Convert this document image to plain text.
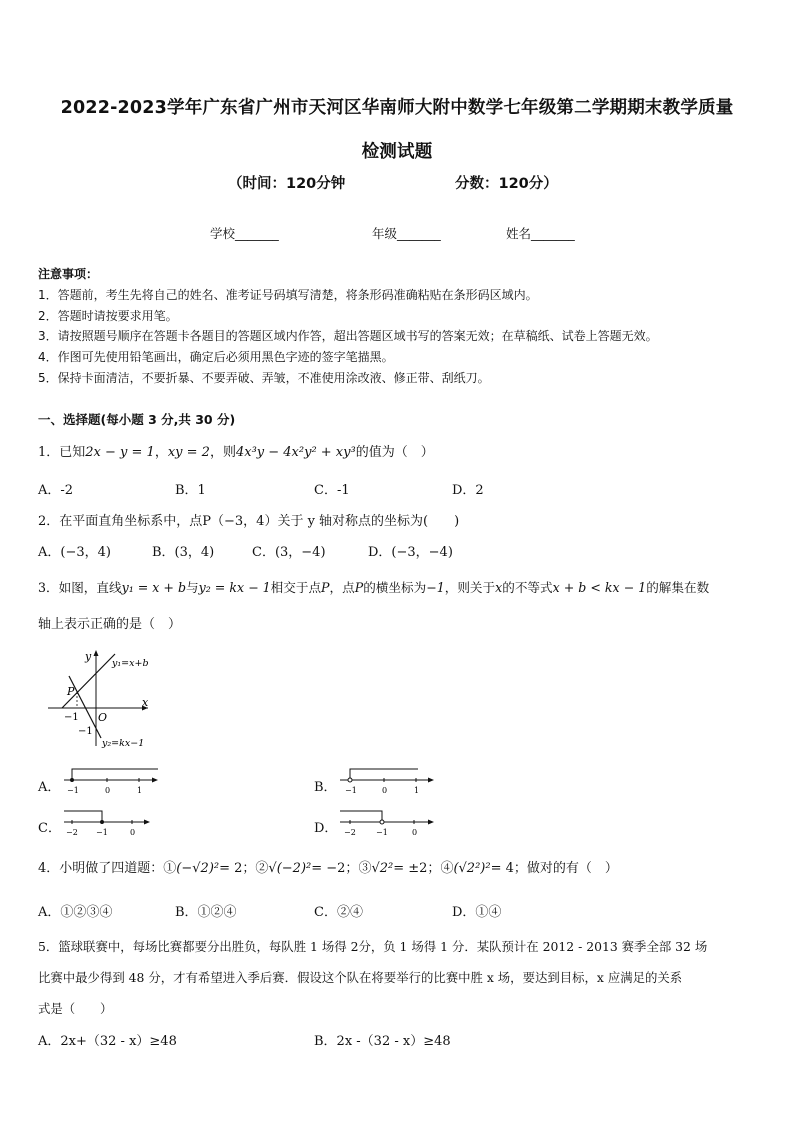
2022-2023学年广东省广州市天河区华南师大附中数学七年级第二学期期末教学质量
检测试题
（时间：120分钟	分数：120分）
学校_______	年级_______	姓名_______
注意事项：
1．答题前，考生先将自己的姓名、准考证号码填写清楚，将条形码准确粘贴在条形码区域内。
2．答题时请按要求用笔。
3．请按照题号顺序在答题卡各题目的答题区域内作答，超出答题区域书写的答案无效；在草稿纸、试卷上答题无效。
4．作图可先使用铅笔画出，确定后必须用黑色字迹的签字笔描黑。
5．保持卡面清洁，不要折暴、不要弄破、弄皱，不准使用涂改液、修正带、刮纸刀。
一、选择题(每小题 3 分,共 30 分)
1．已知2x − y = 1，xy = 2，则4x³y − 4x²y² + xy³的值为（　）
A．-2	B．1	C．-1	D．2
2．在平面直角坐标系中，点P（−3，4）关于 y 轴对称点的坐标为(　　)
A．(−3，4)	B．(3，4)	C．(3，−4)	D．(−3，−4)
3．如图，直线y₁ = x + b与y₂ = kx − 1相交于点P，点P的横坐标为−1，则关于x的不等式x + b < kx − 1的解集在数
轴上表示正确的是（　）
y
x
O
P
−1
−1
y₁=x+b
y₂=kx−1
A． −1	0	1	B． −1	0	1
C． −2 −1	0	D． −2	−1	0
4．小明做了四道题：①(−√2)²= 2；②√(−2)²= −2；③√2²= ±2；④(√2²)²= 4；做对的有（　）
A．①②③④	B．①②④	C．②④	D．①④
5．篮球联赛中，每场比赛都要分出胜负，每队胜 1 场得 2分，负 1 场得 1 分．某队预计在 2012 - 2013 赛季全部 32 场
比赛中最少得到 48 分，才有希望进入季后赛．假设这个队在将要举行的比赛中胜 x 场，要达到目标，x 应满足的关系
式是（　　）
A．2x+（32 - x）≥48	B．2x -（32 - x）≥48
